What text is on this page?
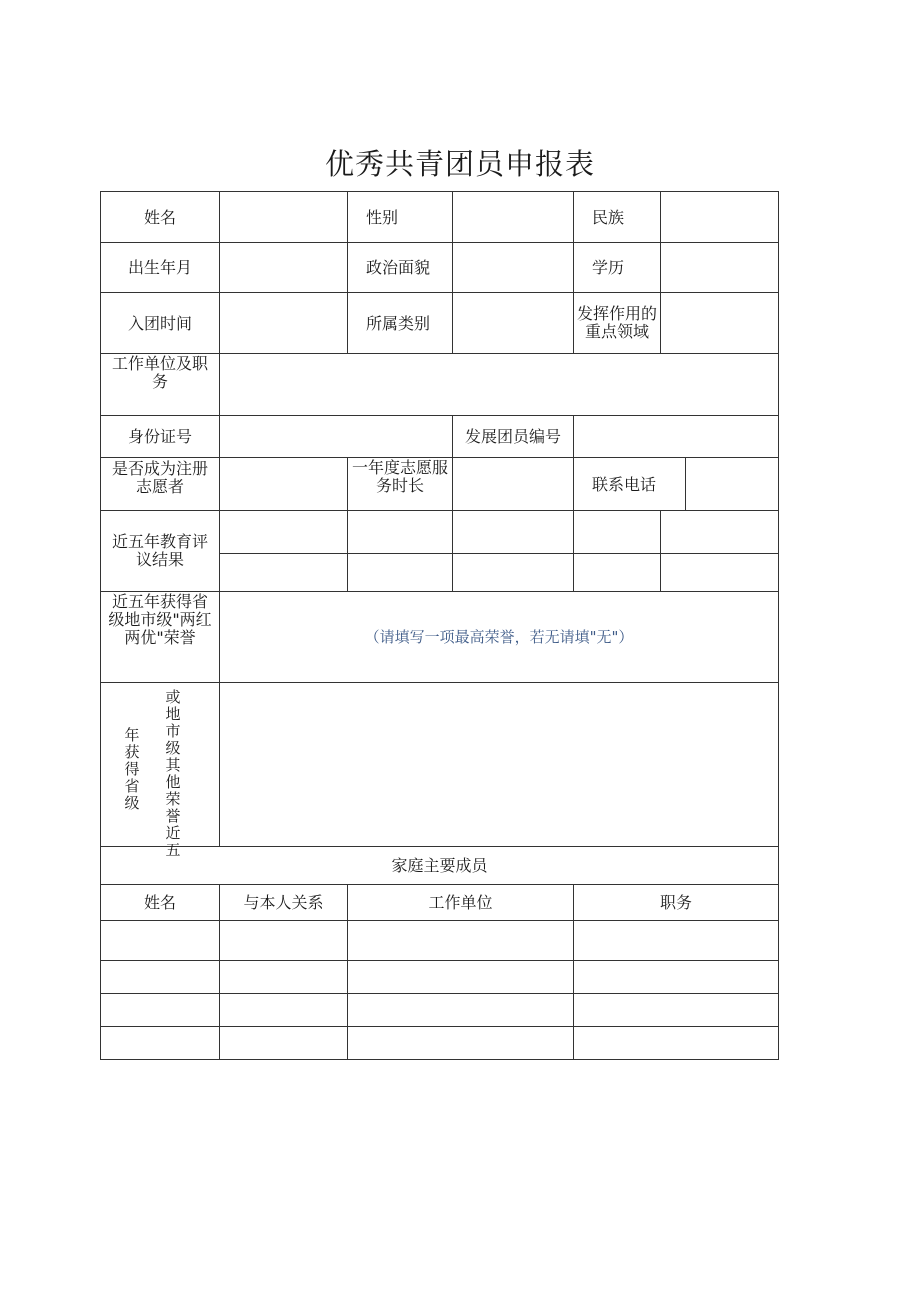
优秀共青团员申报表
姓名		性别		民族		
出生年月		政治面貌		学历		
入团时间		所属类别		发挥作用的重点领域		
工作单位及职务						
身份证号			发展团员编号			
是否成为注册志愿者		一年度志愿服务时长		联系电话		
近五年教育评议结果						

近五年获得省级地市级"两红两优"荣誉	（请填写一项最高荣誉，若无请填"无"）					

年获得省级
或地市级其他荣誉近五						

家庭主要成员						
姓名	与本人关系	工作单位		职务		
